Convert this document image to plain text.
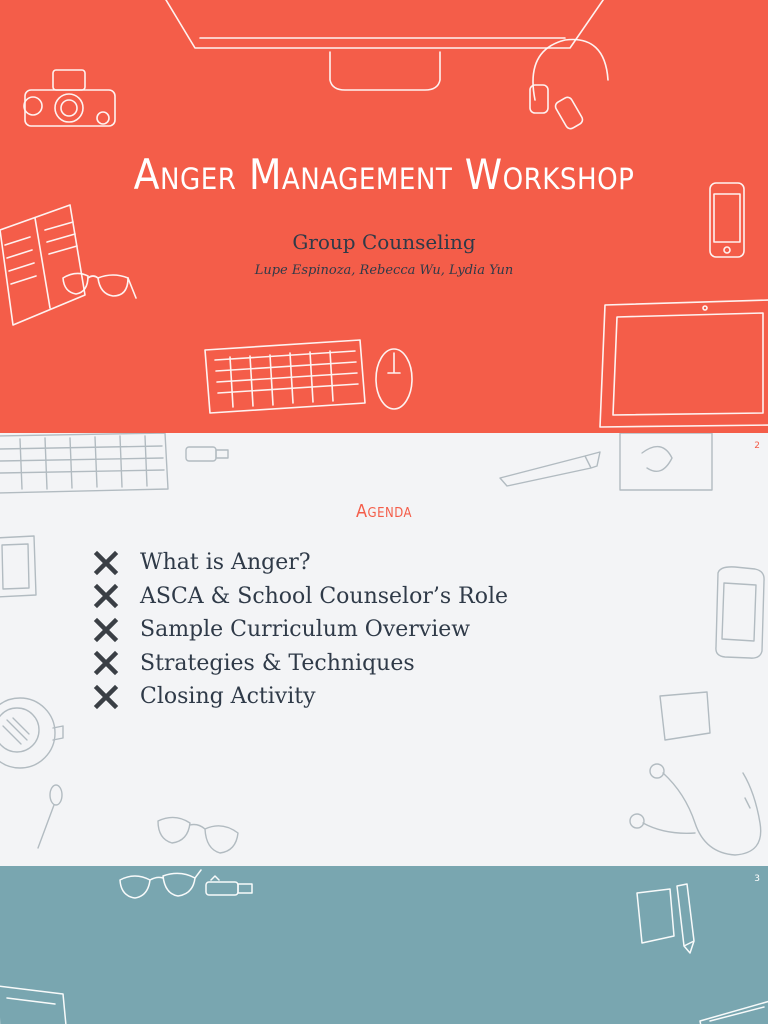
Anger Management Workshop

Group Counseling

Lupe Espinoza, Rebecca Wu, Lydia Yun

Agenda
What is Anger?
ASCA & School Counselor’s Role
Sample Curriculum Overview
Strategies & Techniques
Closing Activity
2
3
